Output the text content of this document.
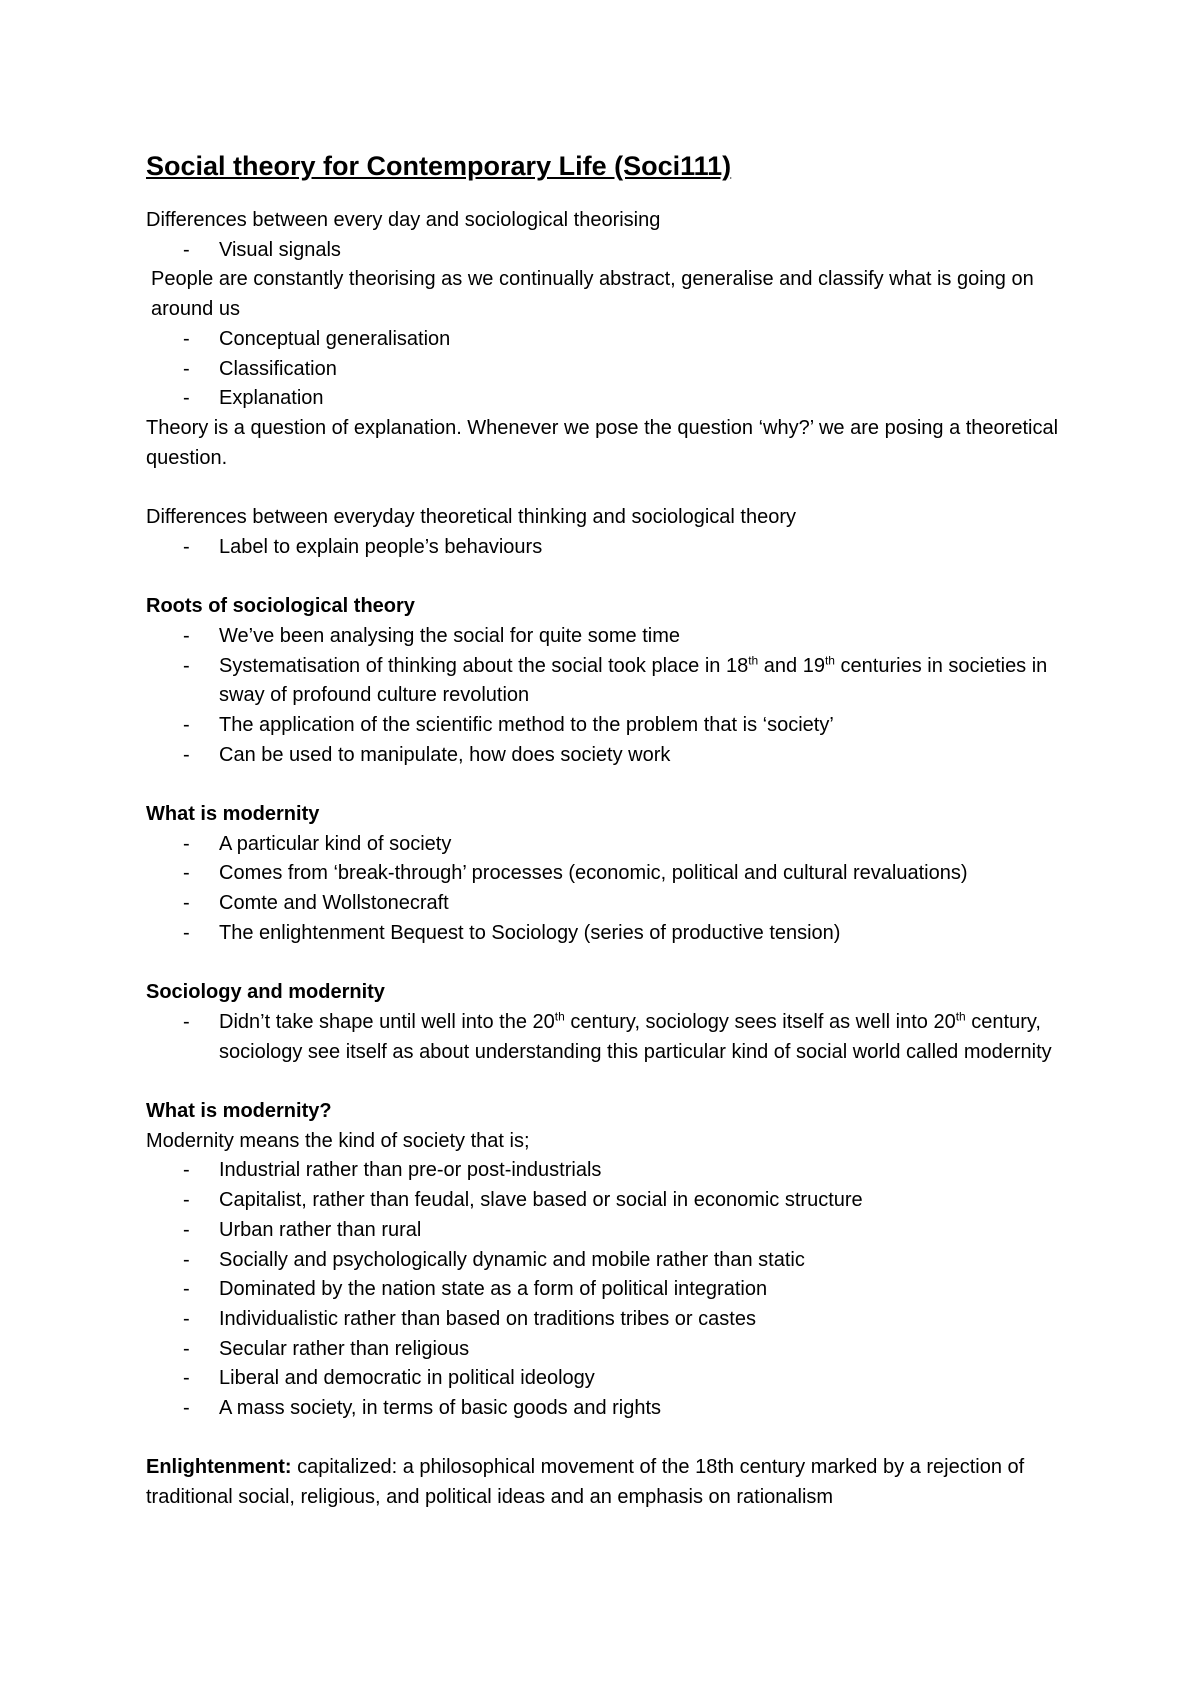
Social theory for Contemporary Life (Soci111)

Differences between every day and sociological theorising

- Visual signals

People are constantly theorising as we continually abstract, generalise and classify what is going on around us

- Conceptual generalisation
- Classification
- Explanation

Theory is a question of explanation. Whenever we pose the question ‘why?’ we are posing a theoretical question.

Differences between everyday theoretical thinking and sociological theory

- Label to explain people’s behaviours

Roots of sociological theory

- We’ve been analysing the social for quite some time
- Systematisation of thinking about the social took place in 18th and 19th centuries in societies in sway of profound culture revolution
- The application of the scientific method to the problem that is ‘society’
- Can be used to manipulate, how does society work

What is modernity

- A particular kind of society
- Comes from ‘break-through’ processes (economic, political and cultural revaluations)
- Comte and Wollstonecraft
- The enlightenment Bequest to Sociology (series of productive tension)

Sociology and modernity

- Didn’t take shape until well into the 20th century, sociology sees itself as well into 20th century, sociology see itself as about understanding this particular kind of social world called modernity

What is modernity?

Modernity means the kind of society that is;

- Industrial rather than pre-or post-industrials
- Capitalist, rather than feudal, slave based or social in economic structure
- Urban rather than rural
- Socially and psychologically dynamic and mobile rather than static
- Dominated by the nation state as a form of political integration
- Individualistic rather than based on traditions tribes or castes
- Secular rather than religious
- Liberal and democratic in political ideology
- A mass society, in terms of basic goods and rights

Enlightenment: capitalized: a philosophical movement of the 18th century marked by a rejection of traditional social, religious, and political ideas and an emphasis on rationalism
